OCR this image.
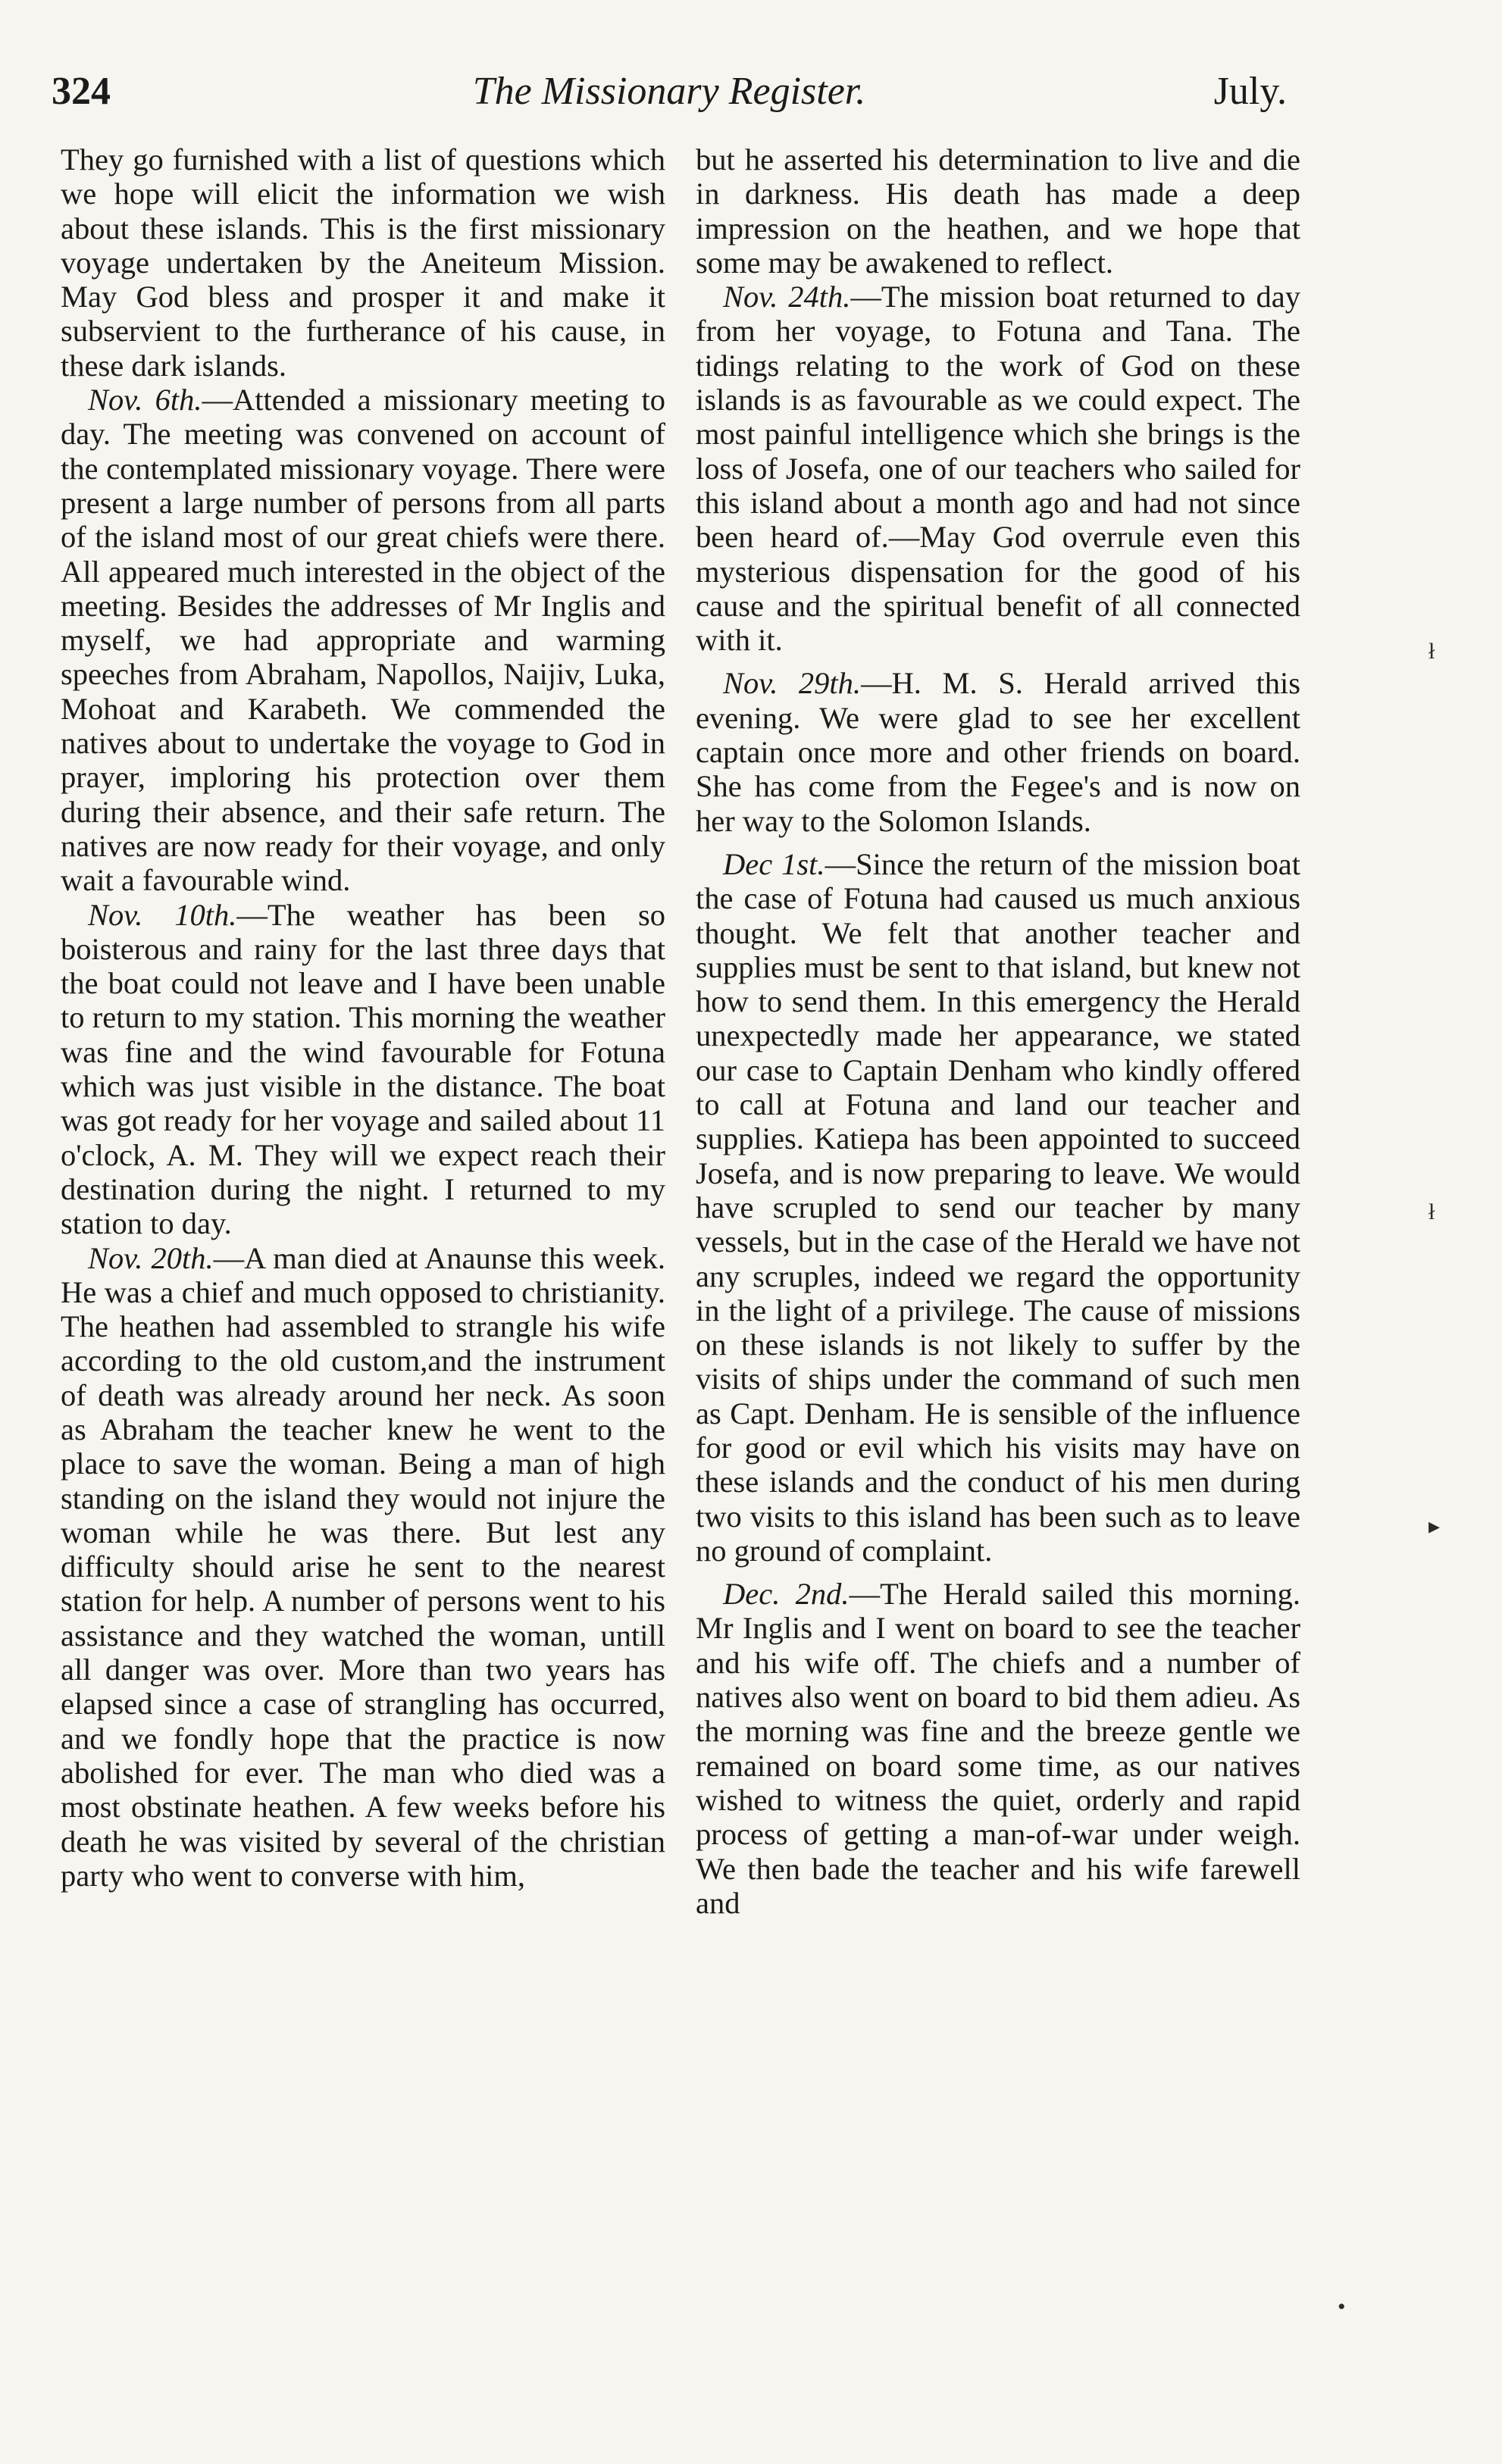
324	The Missionary Register.	July.

They go furnished with a list of questions which we hope will elicit the information we wish about these islands. This is the first missionary voyage undertaken by the Aneiteum Mission. May God bless and prosper it and make it subservient to the furtherance of his cause, in these dark islands.

Nov. 6th.—Attended a missionary meeting to day. The meeting was convened on account of the contemplated missionary voyage. There were present a large number of persons from all parts of the island most of our great chiefs were there. All appeared much interested in the object of the meeting. Besides the addresses of Mr Inglis and myself, we had appropriate and warming speeches from Abraham, Napollos, Naijiv, Luka, Mohoat and Karabeth. We commended the natives about to undertake the voyage to God in prayer, imploring his protection over them during their absence, and their safe return. The natives are now ready for their voyage, and only wait a favourable wind.

Nov. 10th.—The weather has been so boisterous and rainy for the last three days that the boat could not leave and I have been unable to return to my station. This morning the weather was fine and the wind favourable for Fotuna which was just visible in the distance. The boat was got ready for her voyage and sailed about 11 o'clock, A. M. They will we expect reach their destination during the night. I returned to my station to day.

Nov. 20th.—A man died at Anaunse this week. He was a chief and much opposed to christianity. The heathen had assembled to strangle his wife according to the old custom,and the instrument of death was already around her neck. As soon as Abraham the teacher knew he went to the place to save the woman. Being a man of high standing on the island they would not injure the woman while he was there. But lest any difficulty should arise he sent to the nearest station for help. A number of persons went to his assistance and they watched the woman, untill all danger was over. More than two years has elapsed since a case of strangling has occurred, and we fondly hope that the practice is now abolished for ever. The man who died was a most obstinate heathen. A few weeks before his death he was visited by several of the christian party who went to converse with him,

but he asserted his determination to live and die in darkness. His death has made a deep impression on the heathen, and we hope that some may be awakened to reflect.

Nov. 24th.—The mission boat returned to day from her voyage, to Fotuna and Tana. The tidings relating to the work of God on these islands is as favourable as we could expect. The most painful intelligence which she brings is the loss of Josefa, one of our teachers who sailed for this island about a month ago and had not since been heard of.—May God overrule even this mysterious dispensation for the good of his cause and the spiritual benefit of all connected with it.

Nov. 29th.—H. M. S. Herald arrived this evening. We were glad to see her excellent captain once more and other friends on board. She has come from the Fegee's and is now on her way to the Solomon Islands.

Dec 1st.—Since the return of the mission boat the case of Fotuna had caused us much anxious thought. We felt that another teacher and supplies must be sent to that island, but knew not how to send them. In this emergency the Herald unexpectedly made her appearance, we stated our case to Captain Denham who kindly offered to call at Fotuna and land our teacher and supplies. Katiepa has been appointed to succeed Josefa, and is now preparing to leave. We would have scrupled to send our teacher by many vessels, but in the case of the Herald we have not any scruples, indeed we regard the opportunity in the light of a privilege. The cause of missions on these islands is not likely to suffer by the visits of ships under the command of such men as Capt. Denham. He is sensible of the influence for good or evil which his visits may have on these islands and the conduct of his men during two visits to this island has been such as to leave no ground of complaint.

Dec. 2nd.—The Herald sailed this morning. Mr Inglis and I went on board to see the teacher and his wife off. The chiefs and a number of natives also went on board to bid them adieu. As the morning was fine and the breeze gentle we remained on board some time, as our natives wished to witness the quiet, orderly and rapid process of getting a man-of-war under weigh. We then bade the teacher and his wife farewell and

ł
ł
▸
•
